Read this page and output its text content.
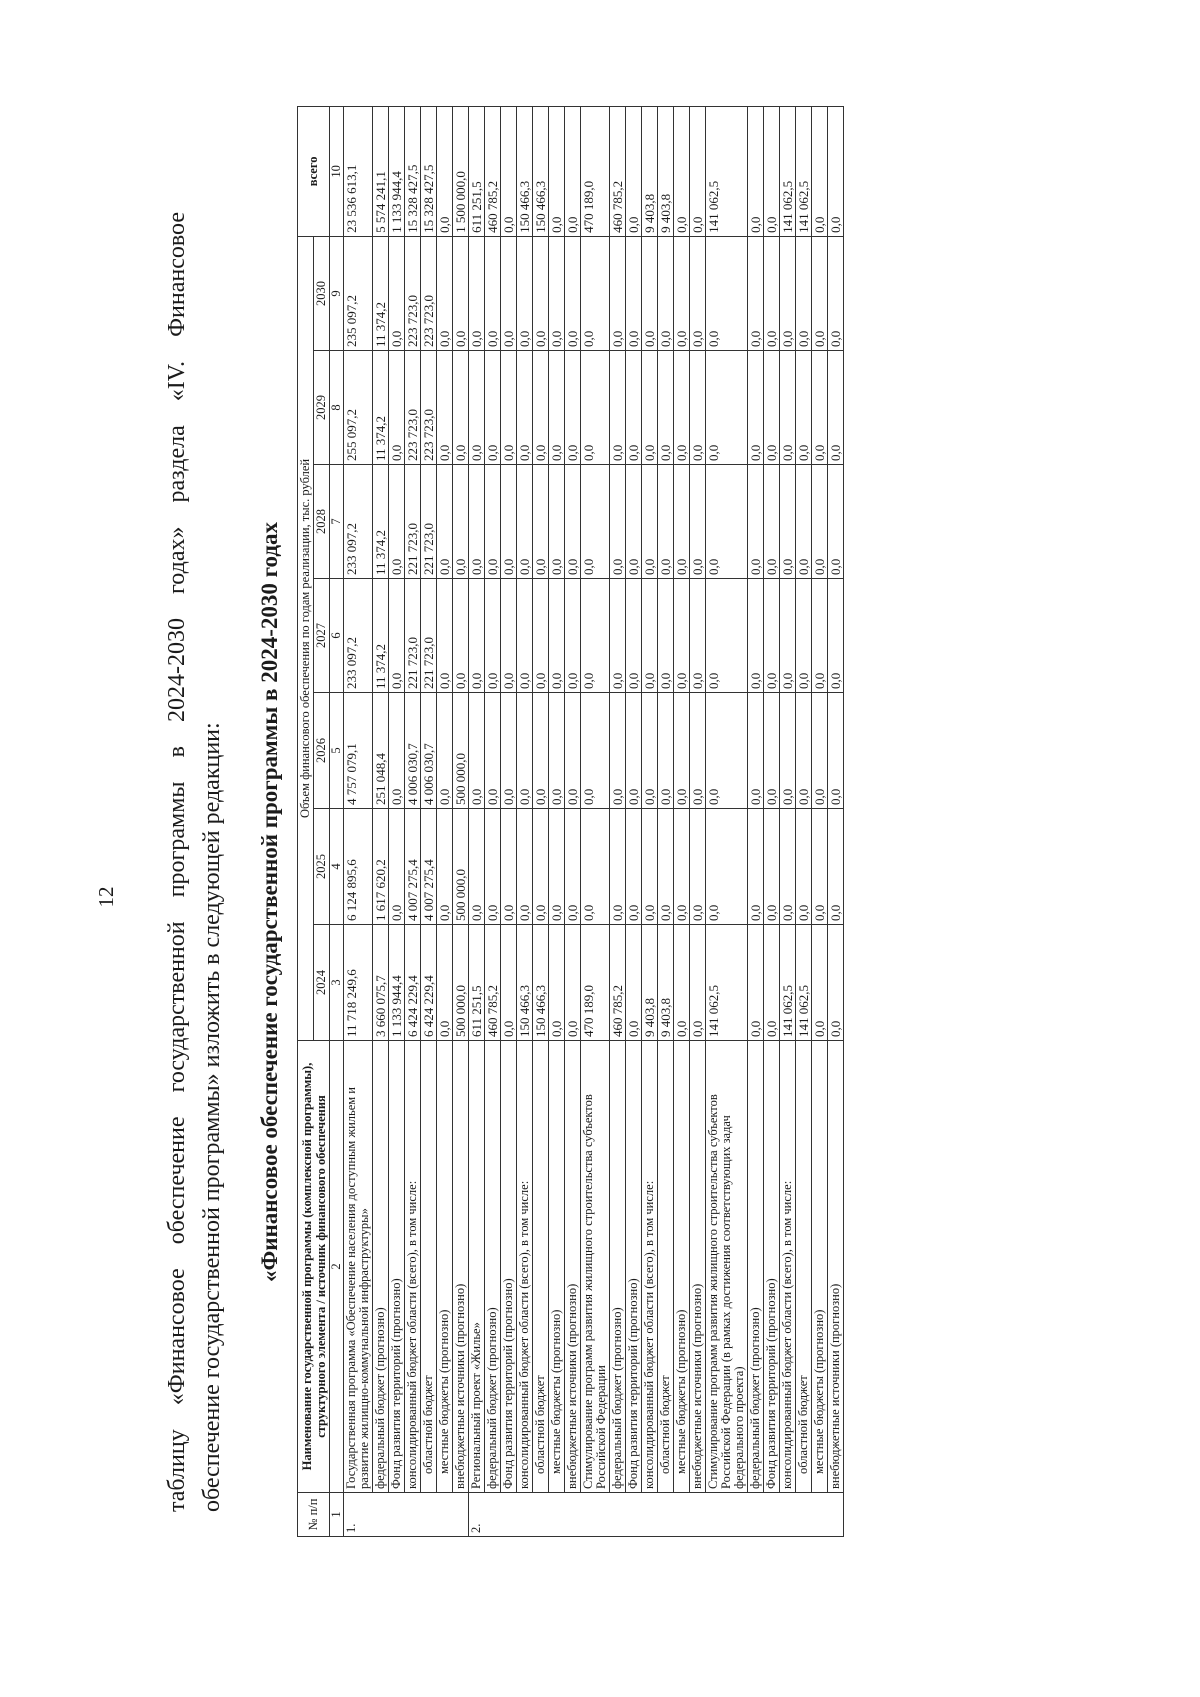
12 таблицу «Финансовое обеспечение государственной программы в 2024-2030 годах» раздела «IV. Финансовое обеспечение государственной программы» изложить в следующей редакции: «Финансовое обеспечение государственной программы в 2024-2030 годах
№ п/п	Наименование государственной программы (комплексной программы), структурного элемента / источник финансового обеспечения	Объем финансового обеспечения по годам реализации, тыс. рублей							всего
		2024	2025	2026	2027	2028	2029	2030	
1	2	3	4	5	6	7	8	9	10
1.	Государственная программа «Обеспечение населения доступным жильем и развитие жилищно-коммунальной инфраструктуры»	11 718 249,6	6 124 895,6	4 757 079,1	233 097,2	233 097,2	255 097,2	235 097,2	23 536 613,1
	федеральный бюджет (прогнозно)	3 660 075,7	1 617 620,2	251 048,4	11 374,2	11 374,2	11 374,2	11 374,2	5 574 241,1
	Фонд развития территорий (прогнозно)	1 133 944,4	0,0	0,0	0,0	0,0	0,0	0,0	1 133 944,4
	консолидированный бюджет области (всего), в том числе:	6 424 229,4	4 007 275,4	4 006 030,7	221 723,0	221 723,0	223 723,0	223 723,0	15 328 427,5
	областной бюджет	6 424 229,4	4 007 275,4	4 006 030,7	221 723,0	221 723,0	223 723,0	223 723,0	15 328 427,5
	местные бюджеты (прогнозно)	0,0	0,0	0,0	0,0	0,0	0,0	0,0	0,0
	внебюджетные источники (прогнозно)	500 000,0	500 000,0	500 000,0	0,0	0,0	0,0	0,0	1 500 000,0
2.	Региональный проект «Жилье»	611 251,5	0,0	0,0	0,0	0,0	0,0	0,0	611 251,5
	федеральный бюджет (прогнозно)	460 785,2	0,0	0,0	0,0	0,0	0,0	0,0	460 785,2
	Фонд развития территорий (прогнозно)	0,0	0,0	0,0	0,0	0,0	0,0	0,0	0,0
	консолидированный бюджет области (всего), в том числе:	150 466,3	0,0	0,0	0,0	0,0	0,0	0,0	150 466,3
	областной бюджет	150 466,3	0,0	0,0	0,0	0,0	0,0	0,0	150 466,3
	местные бюджеты (прогнозно)	0,0	0,0	0,0	0,0	0,0	0,0	0,0	0,0
	внебюджетные источники (прогнозно)	0,0	0,0	0,0	0,0	0,0	0,0	0,0	0,0
	Стимулирование программ развития жилищного строительства субъектов Российской Федерации	470 189,0	0,0	0,0	0,0	0,0	0,0	0,0	470 189,0
	федеральный бюджет (прогнозно)	460 785,2	0,0	0,0	0,0	0,0	0,0	0,0	460 785,2
	Фонд развития территорий (прогнозно)	0,0	0,0	0,0	0,0	0,0	0,0	0,0	0,0
	консолидированный бюджет области (всего), в том числе:	9 403,8	0,0	0,0	0,0	0,0	0,0	0,0	9 403,8
	областной бюджет	9 403,8	0,0	0,0	0,0	0,0	0,0	0,0	9 403,8
	местные бюджеты (прогнозно)	0,0	0,0	0,0	0,0	0,0	0,0	0,0	0,0
	внебюджетные источники (прогнозно)	0,0	0,0	0,0	0,0	0,0	0,0	0,0	0,0
	Стимулирование программ развития жилищного строительства субъектов Российской Федерации (в рамках достижения соответствующих задач федерального проекта)	141 062,5	0,0	0,0	0,0	0,0	0,0	0,0	141 062,5
	федеральный бюджет (прогнозно)	0,0	0,0	0,0	0,0	0,0	0,0	0,0	0,0
	Фонд развития территорий (прогнозно)	0,0	0,0	0,0	0,0	0,0	0,0	0,0	0,0
	консолидированный бюджет области (всего), в том числе:	141 062,5	0,0	0,0	0,0	0,0	0,0	0,0	141 062,5
	областной бюджет	141 062,5	0,0	0,0	0,0	0,0	0,0	0,0	141 062,5
	местные бюджеты (прогнозно)	0,0	0,0	0,0	0,0	0,0	0,0	0,0	0,0
	внебюджетные источники (прогнозно)	0,0	0,0	0,0	0,0	0,0	0,0	0,0	0,0
